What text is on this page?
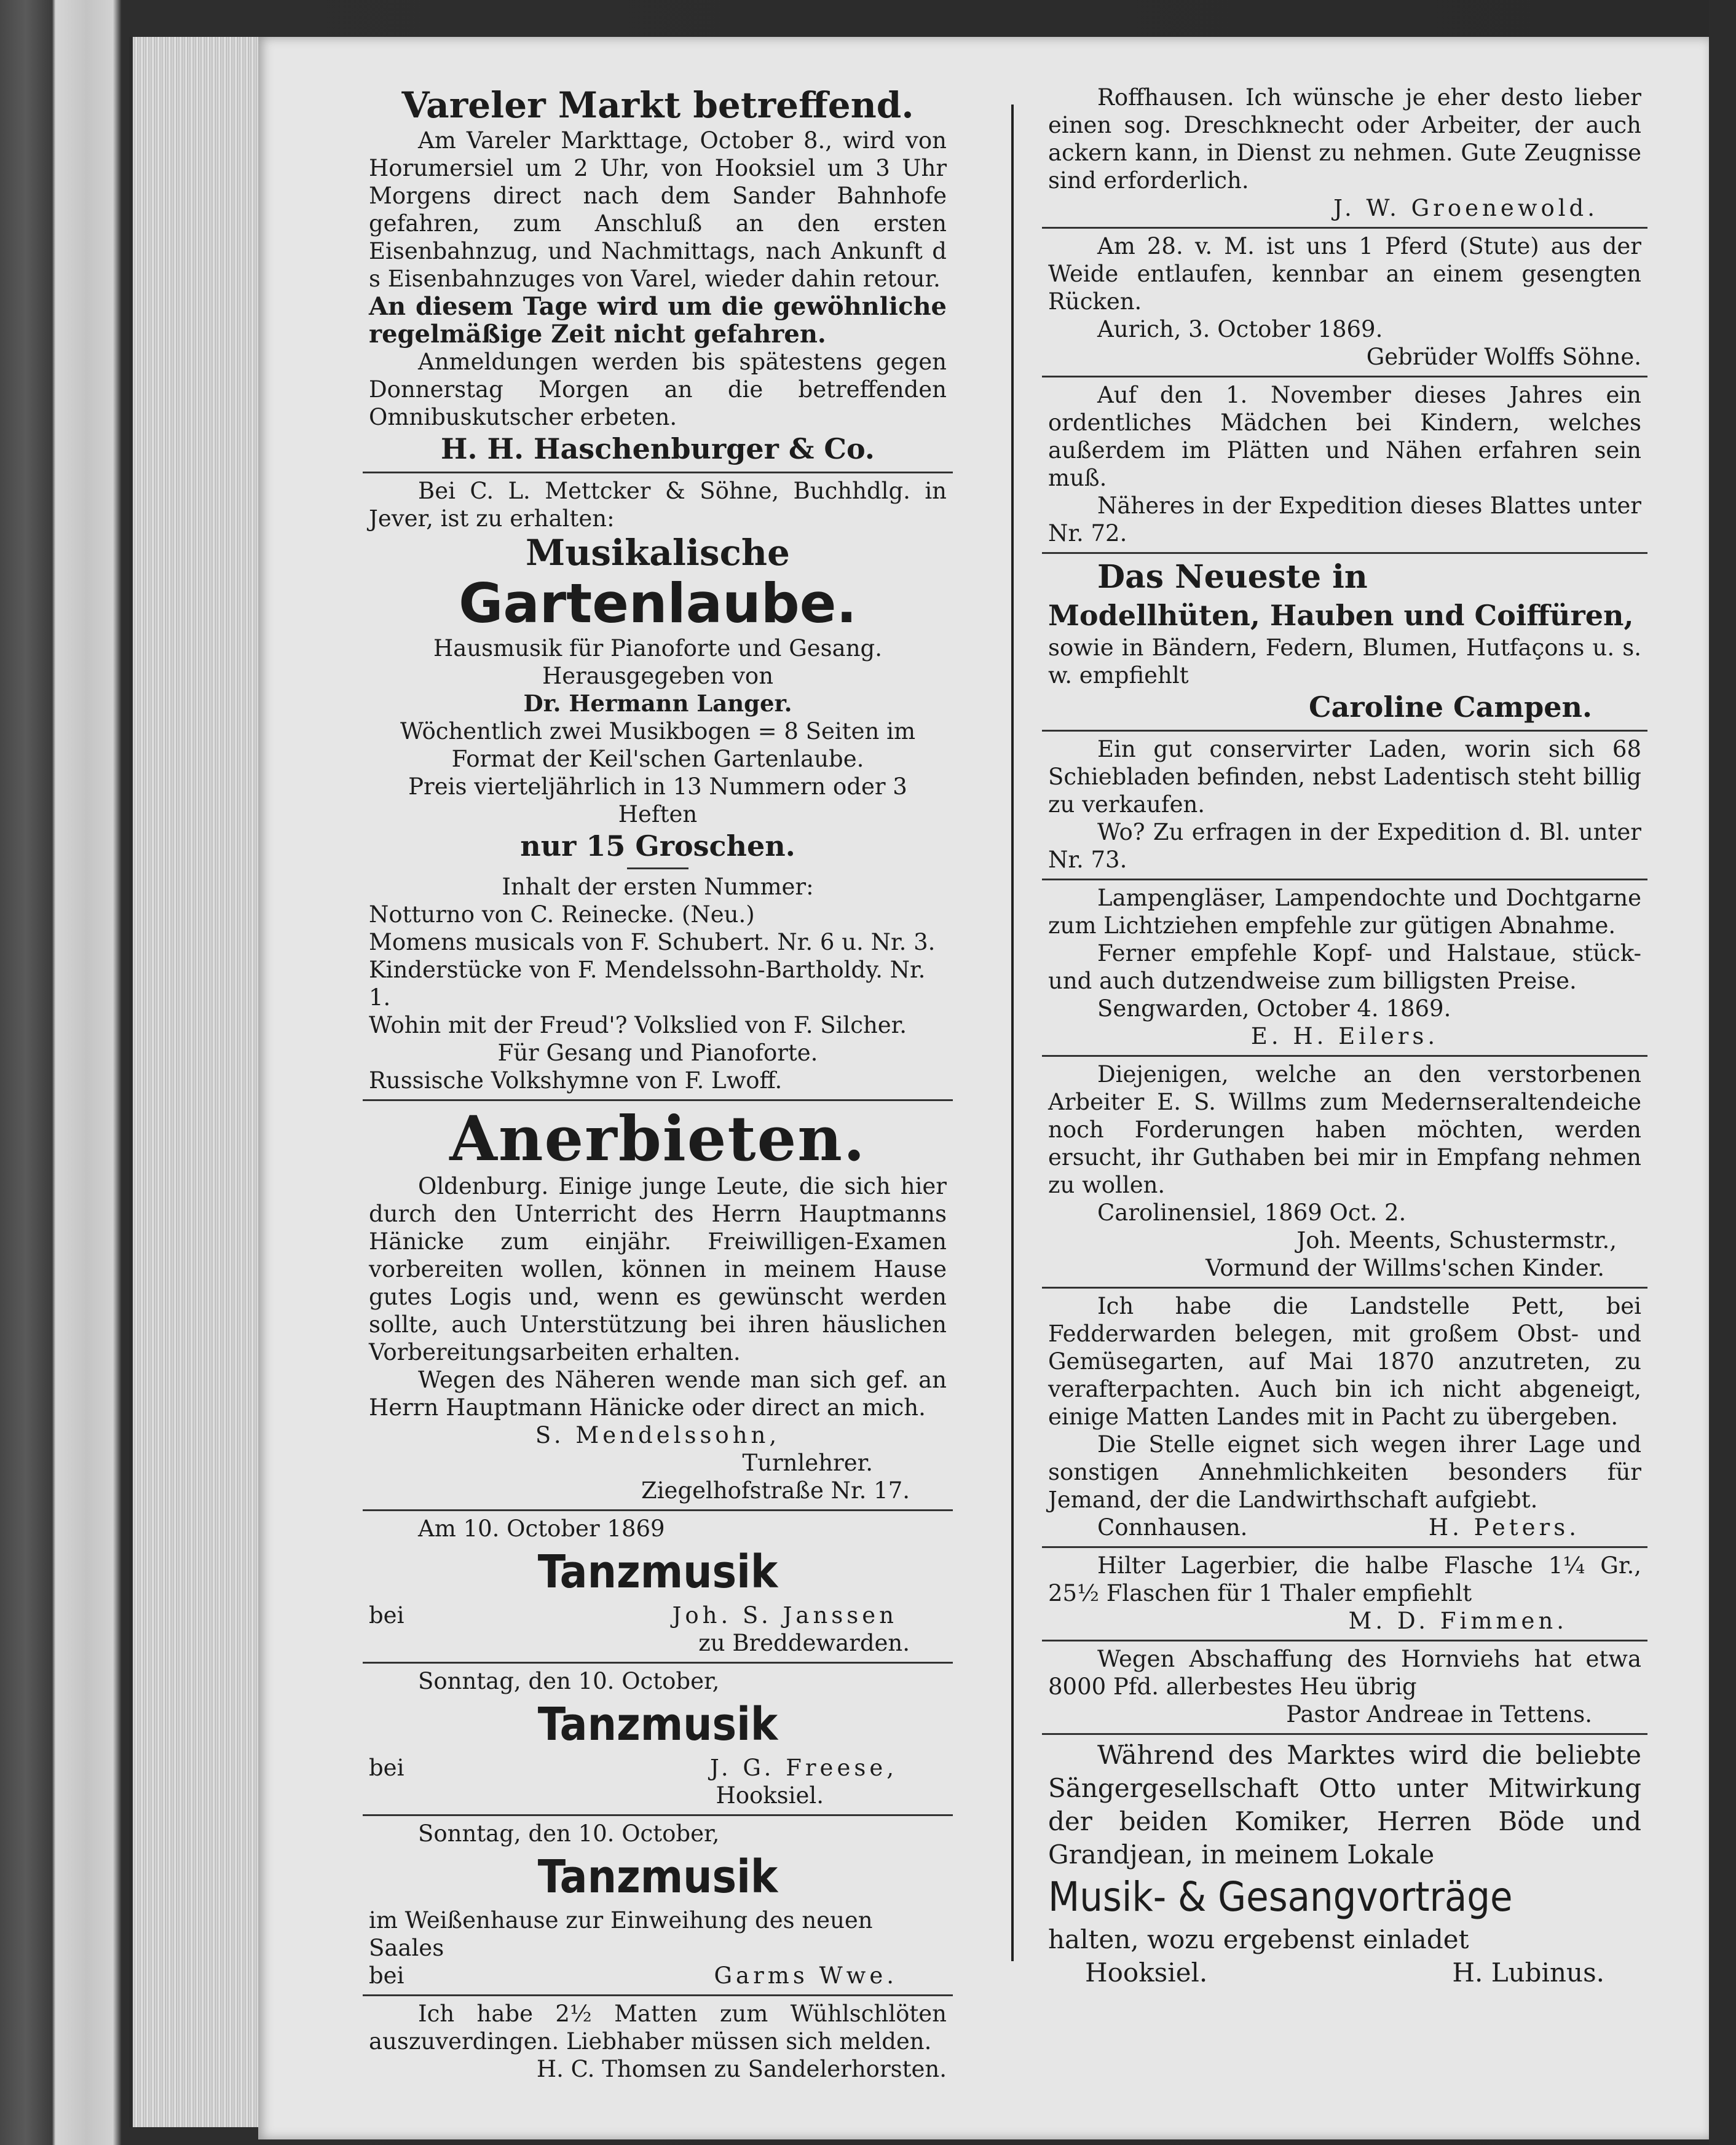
Vareler Markt betreffend.
Am Vareler Markttage, October 8., wird von Horumersiel um 2 Uhr, von Hooksiel um 3 Uhr Morgens direct nach dem Sander Bahnhofe gefahren, zum Anschluß an den ersten Eisenbahnzug, und Nachmittags, nach Ankunft d s Eisenbahnzuges von Varel, wieder dahin retour.
An diesem Tage wird um die gewöhnliche regelmäßige Zeit nicht gefahren.
Anmeldungen werden bis spätestens gegen Donnerstag Morgen an die betreffenden Omnibuskutscher erbeten.
H. H. Haschenburger & Co.
Bei C. L. Mettcker & Söhne, Buchhdlg. in Jever, ist zu erhalten:
Musikalische
Gartenlaube.
Hausmusik für Pianoforte und Gesang.
Herausgegeben von
Dr. Hermann Langer.
Wöchentlich zwei Musikbogen = 8 Seiten im Format der Keil'schen Gartenlaube.
Preis vierteljährlich in 13 Nummern oder 3 Heften
nur 15 Groschen.
Inhalt der ersten Nummer:
Notturno von C. Reinecke. (Neu.)
Momens musicals von F. Schubert. Nr. 6 u. Nr. 3.
Kinderstücke von F. Mendelssohn-Bartholdy. Nr. 1.
Wohin mit der Freud'? Volkslied von F. Silcher.
Für Gesang und Pianoforte.
Russische Volkshymne von F. Lwoff.
Anerbieten.
Oldenburg. Einige junge Leute, die sich hier durch den Unterricht des Herrn Hauptmanns Hänicke zum einjähr. Freiwilligen-Examen vorbereiten wollen, können in meinem Hause gutes Logis und, wenn es gewünscht werden sollte, auch Unterstützung bei ihren häuslichen Vorbereitungsarbeiten erhalten.
Wegen des Näheren wende man sich gef. an Herrn Hauptmann Hänicke oder direct an mich.
S. Mendelssohn,
Turnlehrer.
Ziegelhofstraße Nr. 17.
Am 10. October 1869
Tanzmusik
bei	Joh. S. Janssen
zu Breddewarden.
Sonntag, den 10. October,
Tanzmusik
bei	J. G. Freese,
Hooksiel.
Sonntag, den 10. October,
Tanzmusik
im Weißenhause zur Einweihung des neuen Saales
bei	Garms Wwe.
Ich habe 2½ Matten zum Wühlschlöten auszuverdingen. Liebhaber müssen sich melden.
H. C. Thomsen zu Sandelerhorsten.
Roffhausen. Ich wünsche je eher desto lieber einen sog. Dreschknecht oder Arbeiter, der auch ackern kann, in Dienst zu nehmen. Gute Zeugnisse sind erforderlich.
J. W. Groenewold.
Am 28. v. M. ist uns 1 Pferd (Stute) aus der Weide entlaufen, kennbar an einem gesengten Rücken.
Aurich, 3. October 1869.
Gebrüder Wolffs Söhne.
Auf den 1. November dieses Jahres ein ordentliches Mädchen bei Kindern, welches außerdem im Plätten und Nähen erfahren sein muß.
Näheres in der Expedition dieses Blattes unter Nr. 72.
Das Neueste in
Modellhüten, Hauben und Coiffüren,
sowie in Bändern, Federn, Blumen, Hutfaçons u. s. w. empfiehlt
Caroline Campen.
Ein gut conservirter Laden, worin sich 68 Schiebladen befinden, nebst Ladentisch steht billig zu verkaufen.
Wo? Zu erfragen in der Expedition d. Bl. unter Nr. 73.
Lampengläser, Lampendochte und Dochtgarne zum Lichtziehen empfehle zur gütigen Abnahme.
Ferner empfehle Kopf- und Halstaue, stück- und auch dutzendweise zum billigsten Preise.
Sengwarden, October 4. 1869.
E. H. Eilers.
Diejenigen, welche an den verstorbenen Arbeiter E. S. Willms zum Medernseraltendeiche noch Forderungen haben möchten, werden ersucht, ihr Guthaben bei mir in Empfang nehmen zu wollen.
Carolinensiel, 1869 Oct. 2.
Joh. Meents, Schustermstr.,
Vormund der Willms'schen Kinder.
Ich habe die Landstelle Pett, bei Fedderwarden belegen, mit großem Obst- und Gemüsegarten, auf Mai 1870 anzutreten, zu verafterpachten. Auch bin ich nicht abgeneigt, einige Matten Landes mit in Pacht zu übergeben.
Die Stelle eignet sich wegen ihrer Lage und sonstigen Annehmlichkeiten besonders für Jemand, der die Landwirthschaft aufgiebt.
Connhausen.	H. Peters.
Hilter Lagerbier, die halbe Flasche 1¼ Gr., 25½ Flaschen für 1 Thaler empfiehlt
M. D. Fimmen.
Wegen Abschaffung des Hornviehs hat etwa 8000 Pfd. allerbestes Heu übrig
Pastor Andreae in Tettens.
Während des Marktes wird die beliebte Sängergesellschaft Otto unter Mitwirkung der beiden Komiker, Herren Böde und Grandjean, in meinem Lokale
Musik- & Gesangvorträge
halten, wozu ergebenst einladet
Hooksiel.	H. Lubinus.
